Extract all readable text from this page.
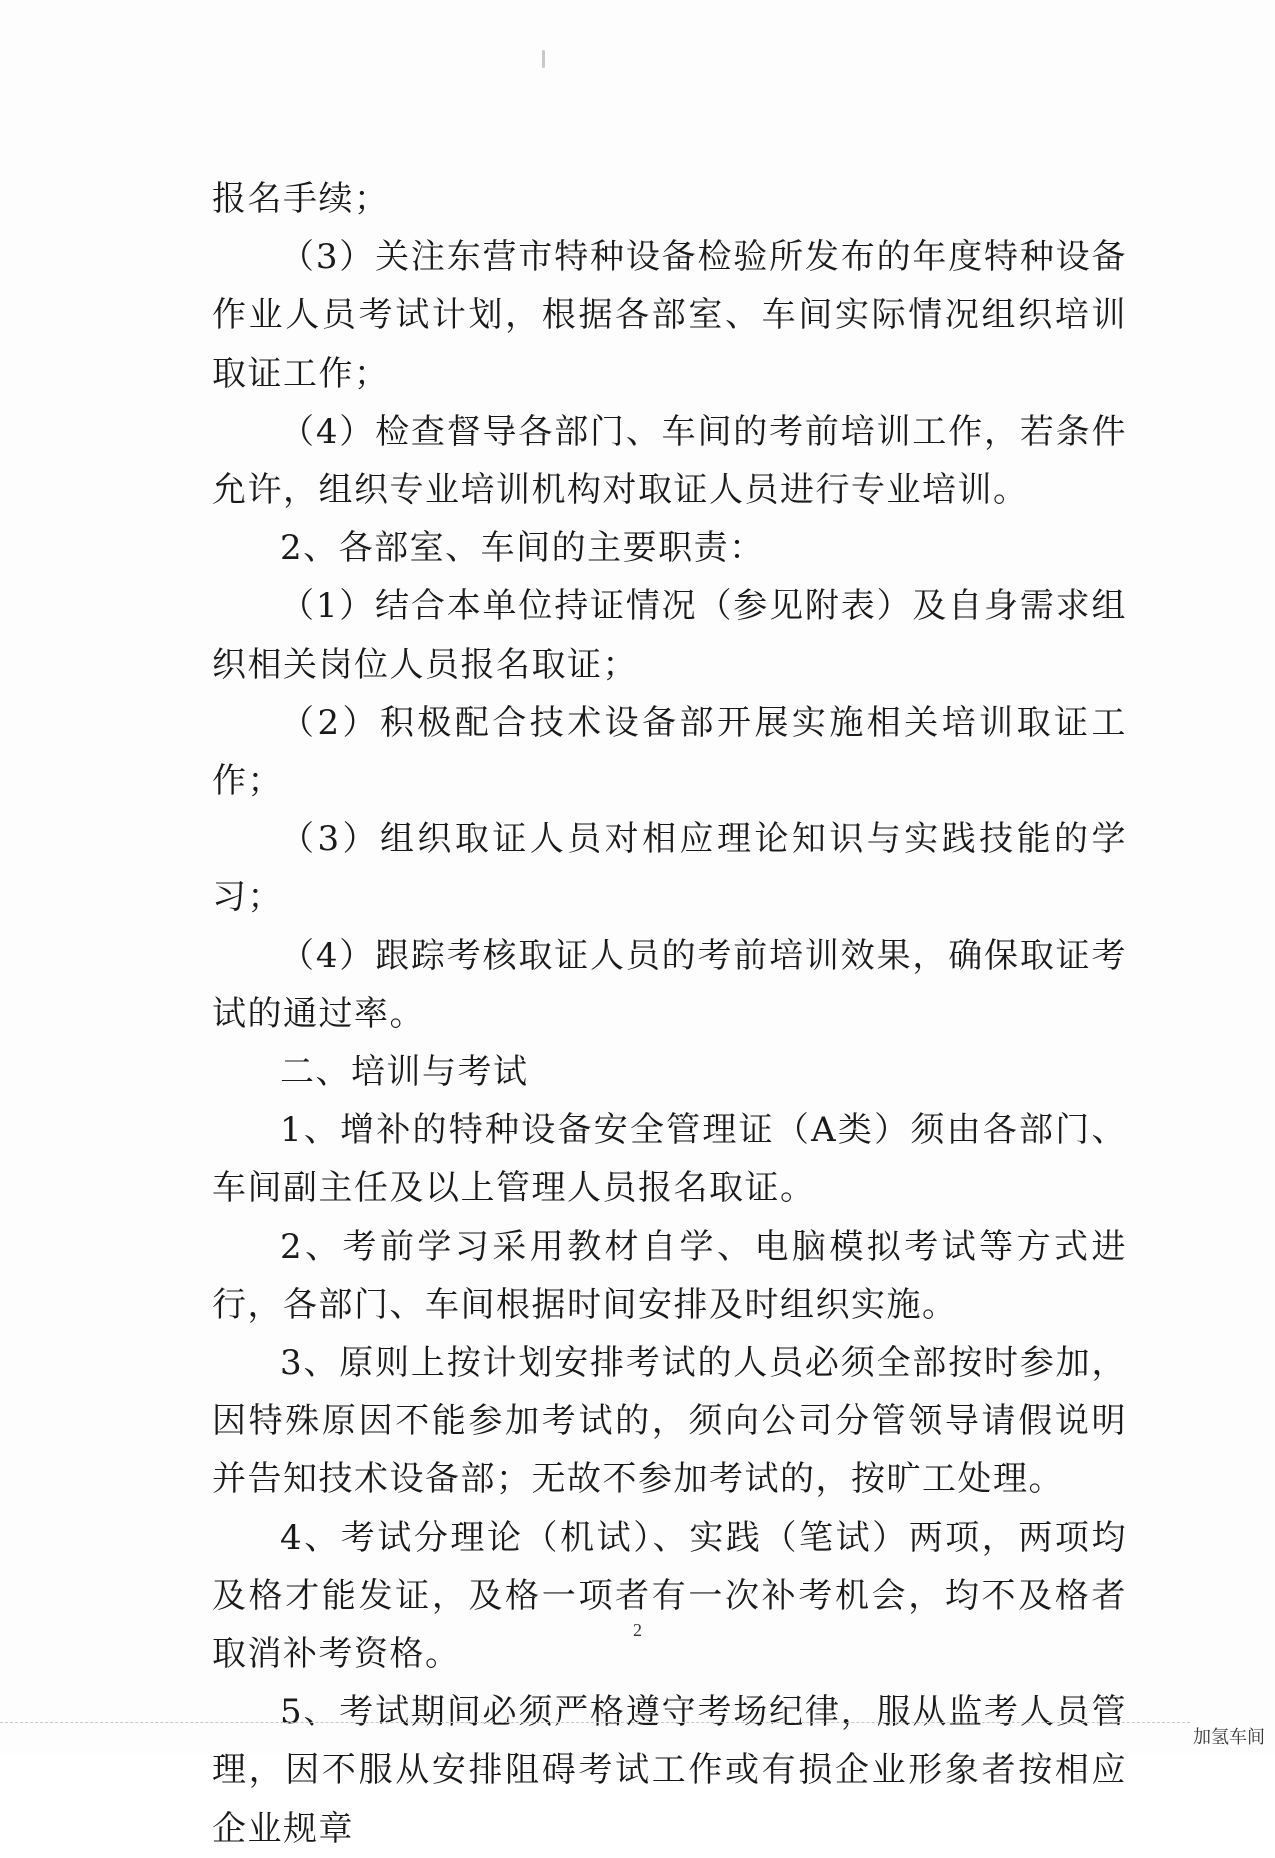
报名手续；

（3）关注东营市特种设备检验所发布的年度特种设备作业人员考试计划，根据各部室、车间实际情况组织培训取证工作；

（4）检查督导各部门、车间的考前培训工作，若条件允许，组织专业培训机构对取证人员进行专业培训。

2、各部室、车间的主要职责：

（1）结合本单位持证情况（参见附表）及自身需求组织相关岗位人员报名取证；

（2）积极配合技术设备部开展实施相关培训取证工作；

（3）组织取证人员对相应理论知识与实践技能的学习；

（4）跟踪考核取证人员的考前培训效果，确保取证考试的通过率。

二、培训与考试

1、增补的特种设备安全管理证（A类）须由各部门、车间副主任及以上管理人员报名取证。

2、考前学习采用教材自学、电脑模拟考试等方式进行，各部门、车间根据时间安排及时组织实施。

3、原则上按计划安排考试的人员必须全部按时参加，因特殊原因不能参加考试的，须向公司分管领导请假说明并告知技术设备部；无故不参加考试的，按旷工处理。

4、考试分理论（机试）、实践（笔试）两项，两项均及格才能发证，及格一项者有一次补考机会，均不及格者取消补考资格。

5、考试期间必须严格遵守考场纪律，服从监考人员管理，因不服从安排阻碍考试工作或有损企业形象者按相应企业规章

2
加氢车间
